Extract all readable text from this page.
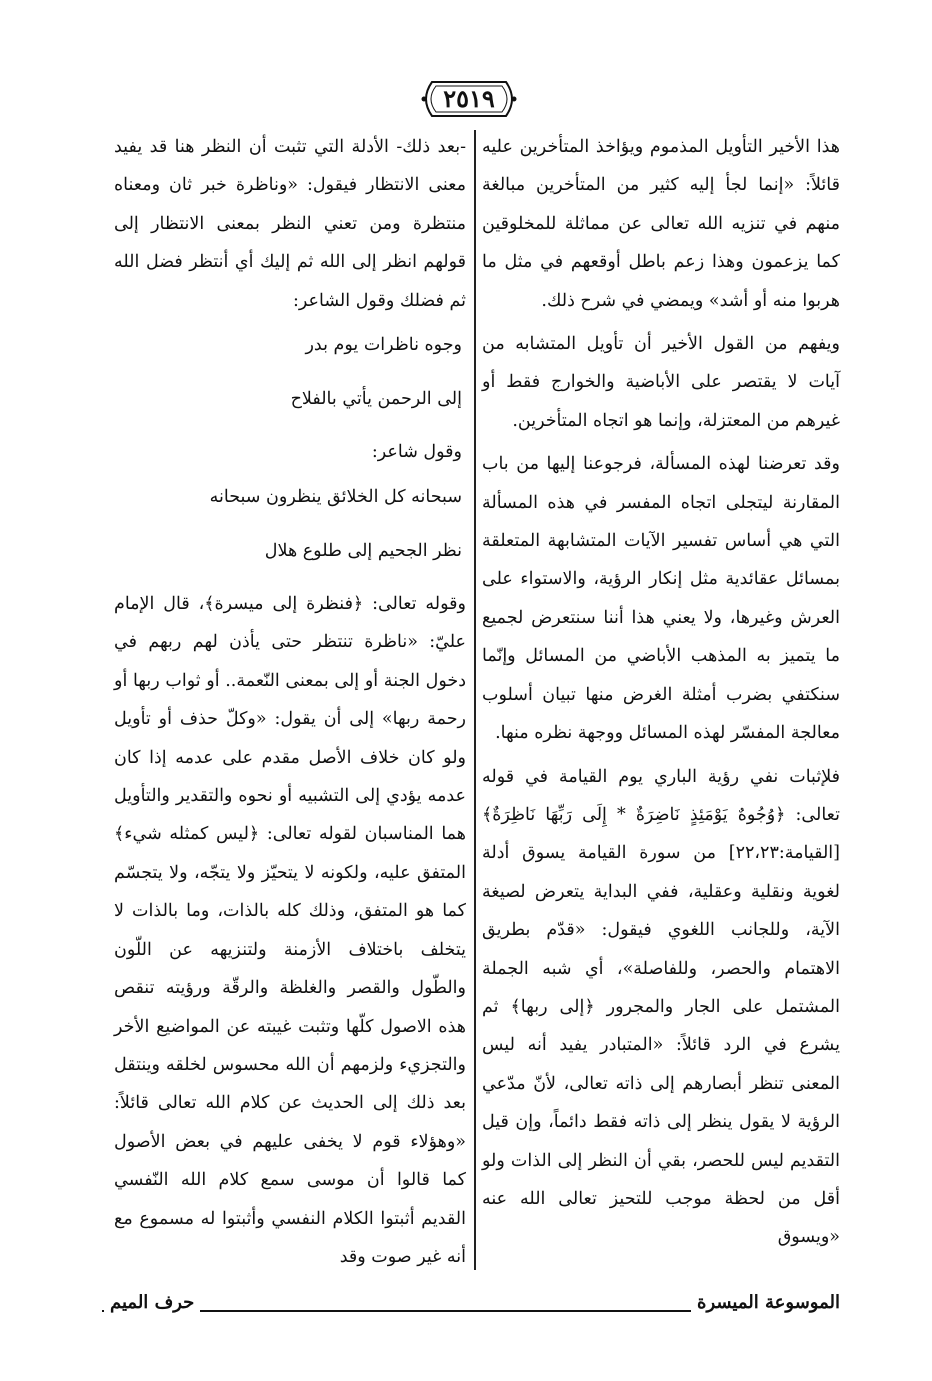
٢٥١٩

هذا الأخير التأويل المذموم ويؤاخذ المتأخرين عليه قائلاً: «إنما لجأ إليه كثير من المتأخرين مبالغة منهم في تنزيه الله تعالى عن مماثلة للمخلوقين كما يزعمون وهذا زعم باطل أوقعهم في مثل ما هربوا منه أو أشد» ويمضي في شرح ذلك.

ويفهم من القول الأخير أن تأويل المتشابه من آيات لا يقتصر على الأباضية والخوارج فقط أو غيرهم من المعتزلة، وإنما هو اتجاه المتأخرين.

وقد تعرضنا لهذه المسألة، فرجوعنا إليها من باب المقارنة ليتجلى اتجاه المفسر في هذه المسألة التي هي أساس تفسير الآيات المتشابهة المتعلقة بمسائل عقائدية مثل إنكار الرؤية، والاستواء على العرش وغيرها، ولا يعني هذا أننا سنتعرض لجميع ما يتميز به المذهب الأباضي من المسائل وإنّما سنكتفي بضرب أمثلة الغرض منها تبيان أسلوب معالجة المفسّر لهذه المسائل ووجهة نظره منها.

فلإثبات نفي رؤية الباري يوم القيامة في قوله تعالى: ﴿وُجُوهٌ يَوْمَئِذٍ نَاضِرَةٌ * إِلَى رَبِّهَا نَاظِرَةٌ﴾ [القيامة:٢٢،٢٣] من سورة القيامة يسوق أدلة لغوية ونقلية وعقلية، ففي البداية يتعرض لصيغة الآية، وللجانب اللغوي فيقول: «قدّم بطريق الاهتمام والحصر، وللفاصلة»، أي شبه الجملة المشتمل على الجار والمجرور ﴿إلى ربها﴾ ثم يشرع في الرد قائلاً: «المتبادر يفيد أنه ليس المعنى تنظر أبصارهم إلى ذاته تعالى، لأنّ مدّعي الرؤية لا يقول ينظر إلى ذاته فقط دائماً، وإن قيل التقديم ليس للحصر، بقي أن النظر إلى الذات ولو أقل من لحظة موجب للتحيز تعالى الله عنه «ويسوق

-بعد ذلك- الأدلة التي تثبت أن النظر هنا قد يفيد معنى الانتظار فيقول: «وناظرة خبر ثان ومعناه منتظرة ومن تعني النظر بمعنى الانتظار إلى قولهم انظر إلى الله ثم إليك أي أنتظر فضل الله ثم فضلك وقول الشاعر:

وجوه ناظرات يوم بدر

إلى الرحمن يأتي بالفلاح

وقول شاعر:

سبحانه كل الخلائق ينظرون سبحانه

نظر الجحيم إلى طلوع هلال

وقوله تعالى: ﴿فنظرة إلى ميسرة﴾، قال الإمام عليّ: «ناظرة تنتظر حتى يأذن لهم ربهم في دخول الجنة أو إلى بمعنى النّعمة.. أو ثواب ربها أو رحمة ربها» إلى أن يقول: «وكلّ حذف أو تأويل ولو كان خلاف الأصل مقدم على عدمه إذا كان عدمه يؤدي إلى التشبيه أو نحوه والتقدير والتأويل هما المناسبان لقوله تعالى: ﴿ليس كمثله شيء﴾ المتفق عليه، ولكونه لا يتحيّز ولا يتجّه، ولا يتجسّم كما هو المتفق، وذلك كله بالذات، وما بالذات لا يتخلف باختلاف الأزمنة ولتنزيهه عن اللّون والطّول والقصر والغلظة والرقّة ورؤيته تنقص هذه الاصول كلّها وتثبت غيبته عن المواضيع الأخر والتجزيء ولزمهم أن الله محسوس لخلقه وينتقل بعد ذلك إلى الحديث عن كلام الله تعالى قائلاً: «وهؤلاء قوم لا يخفى عليهم في بعض الأصول كما قالوا أن موسى سمع كلام الله النّفسي القديم أثبتوا الكلام النفسي وأثبتوا له مسموع مع أنه غير صوت وقد

حرف الميم	الموسوعة الميسرة
